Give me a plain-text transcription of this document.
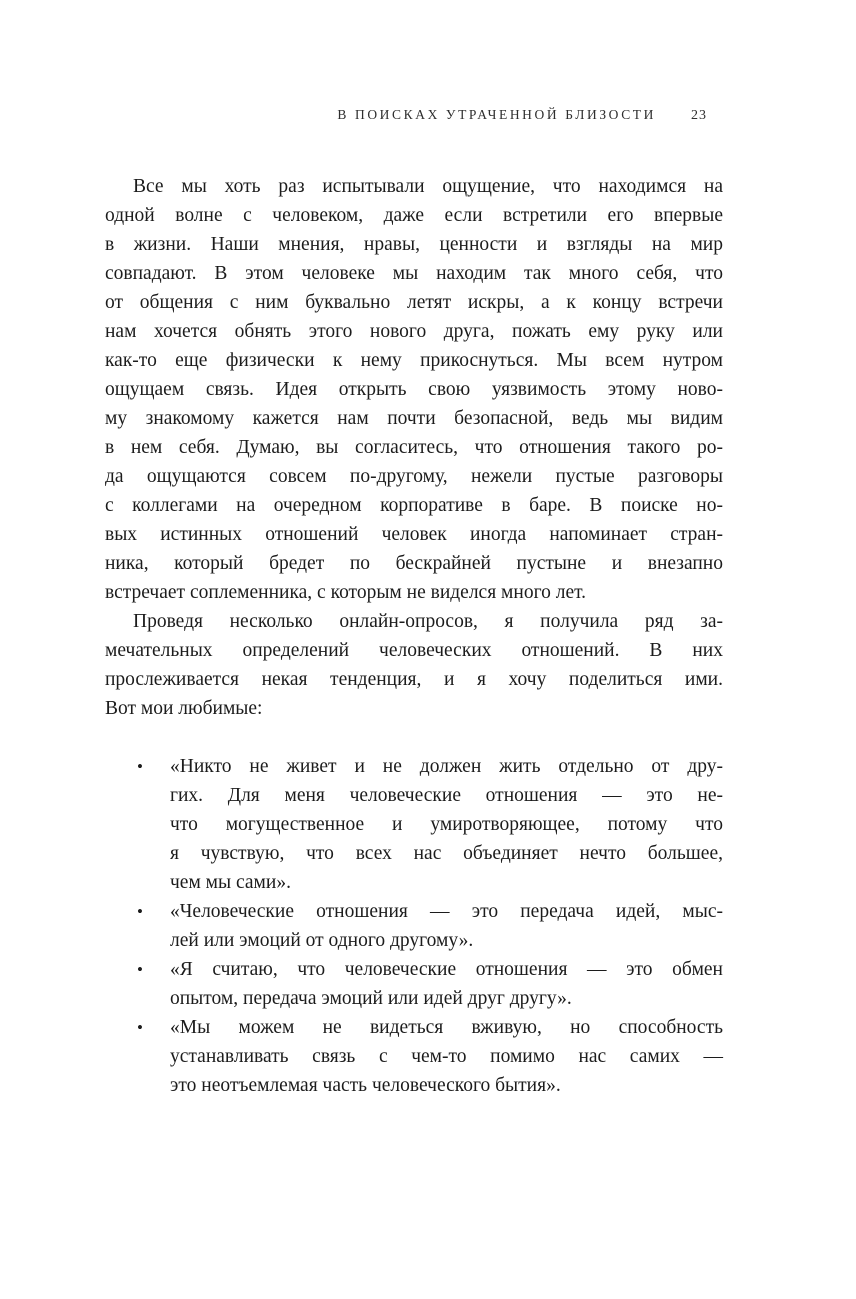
В ПОИСКАХ УТРАЧЕННОЙ БЛИЗОСТИ	23
Все мы хоть раз испытывали ощущение, что находимся на
одной волне с человеком, даже если встретили его впервые
в жизни. Наши мнения, нравы, ценности и взгляды на мир
совпадают. В этом человеке мы находим так много себя, что
от общения с ним буквально летят искры, а к концу встречи
нам хочется обнять этого нового друга, пожать ему руку или
как-то еще физически к нему прикоснуться. Мы всем нутром
ощущаем связь. Идея открыть свою уязвимость этому ново-
му знакомому кажется нам почти безопасной, ведь мы видим
в нем себя. Думаю, вы согласитесь, что отношения такого ро-
да ощущаются совсем по-другому, нежели пустые разговоры
с коллегами на очередном корпоративе в баре. В поиске но-
вых истинных отношений человек иногда напоминает стран-
ника, который бредет по бескрайней пустыне и внезапно
встречает соплеменника, с которым не виделся много лет.
Проведя несколько онлайн-опросов, я получила ряд за-
мечательных определений человеческих отношений. В них
прослеживается некая тенденция, и я хочу поделиться ими.
Вот мои любимые:
• «Никто не живет и не должен жить отдельно от дру-
гих. Для меня человеческие отношения — это не-
что могущественное и умиротворяющее, потому что
я чувствую, что всех нас объединяет нечто большее,
чем мы сами».
• «Человеческие отношения — это передача идей, мыс-
лей или эмоций от одного другому».
• «Я считаю, что человеческие отношения — это обмен
опытом, передача эмоций или идей друг другу».
• «Мы можем не видеться вживую, но способность
устанавливать связь с чем-то помимо нас самих —
это неотъемлемая часть человеческого бытия».
